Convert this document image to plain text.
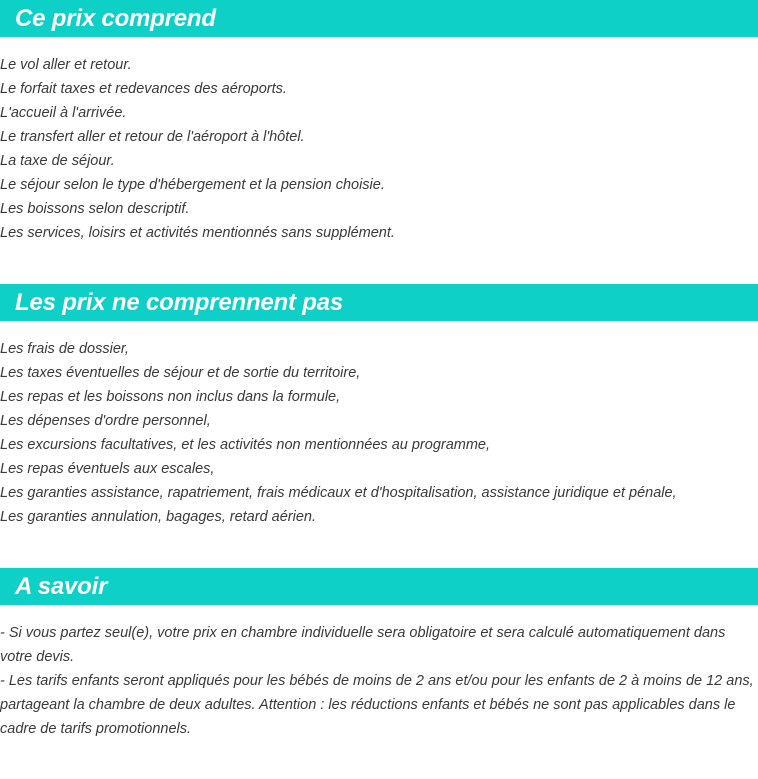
Ce prix comprend
Le vol aller et retour.
Le forfait taxes et redevances des aéroports.
L'accueil à l'arrivée.
Le transfert aller et retour de l'aéroport à l'hôtel.
La taxe de séjour.
Le séjour selon le type d'hébergement et la pension choisie.
Les boissons selon descriptif.
Les services, loisirs et activités mentionnés sans supplément.
Les prix ne comprennent pas
Les frais de dossier,
Les taxes éventuelles de séjour et de sortie du territoire,
Les repas et les boissons non inclus dans la formule,
Les dépenses d'ordre personnel,
Les excursions facultatives, et les activités non mentionnées au programme,
Les repas éventuels aux escales,
Les garanties assistance, rapatriement, frais médicaux et d'hospitalisation, assistance juridique et pénale,
Les garanties annulation, bagages, retard aérien.
A savoir
- Si vous partez seul(e), votre prix en chambre individuelle sera obligatoire et sera calculé automatiquement dans votre devis.
- Les tarifs enfants seront appliqués pour les bébés de moins de 2 ans et/ou pour les enfants de 2 à moins de 12 ans, partageant la chambre de deux adultes. Attention : les réductions enfants et bébés ne sont pas applicables dans le cadre de tarifs promotionnels.
